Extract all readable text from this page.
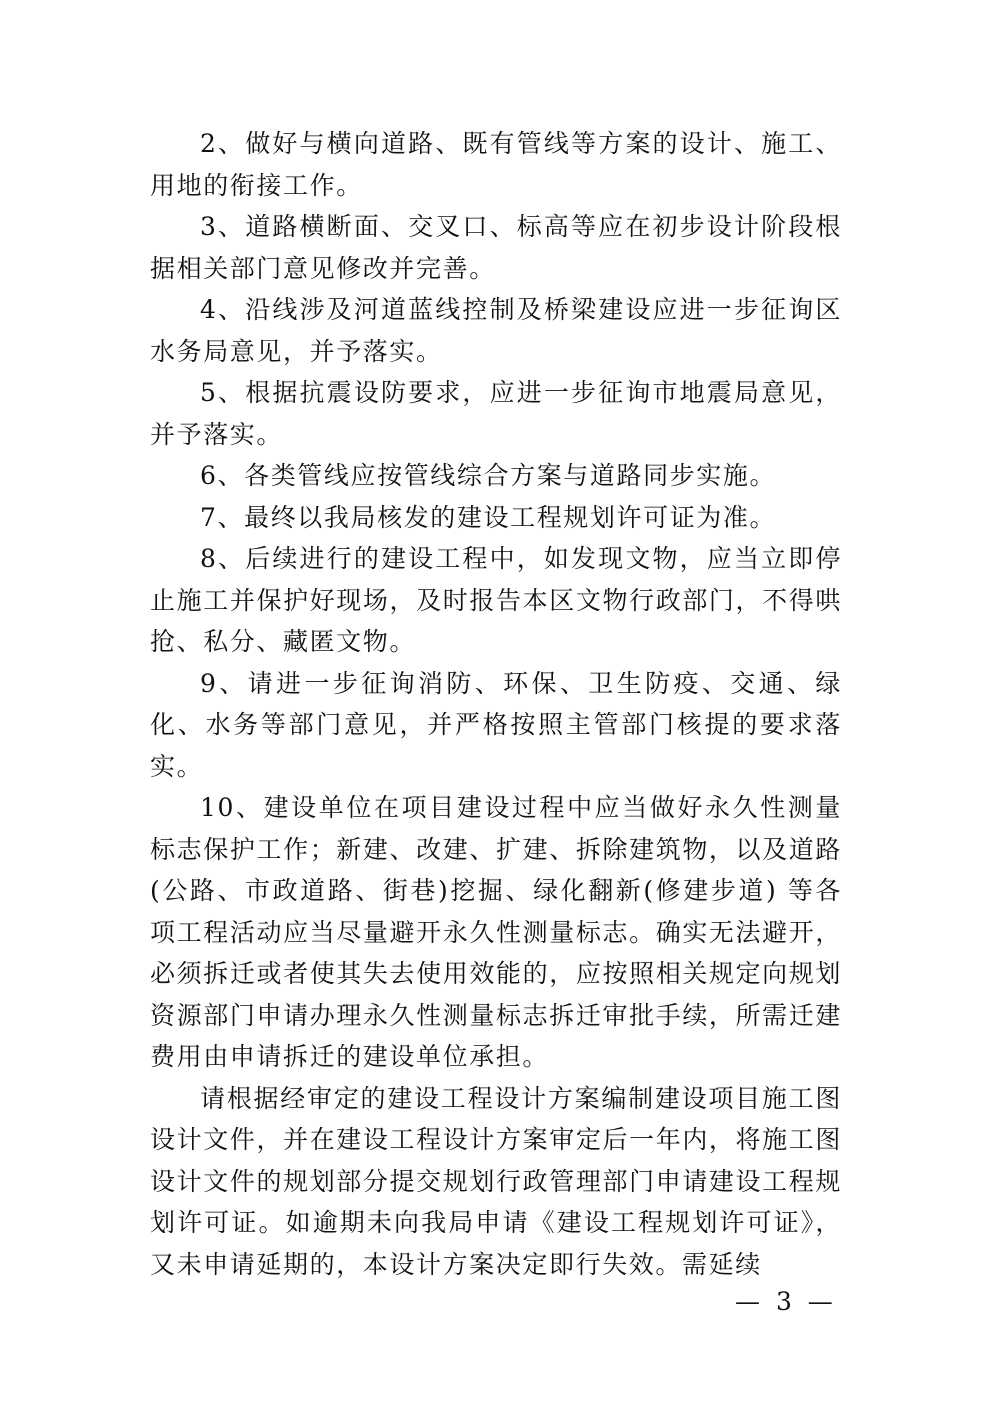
2、做好与横向道路、既有管线等方案的设计、施工、用地的衔接工作。

3、道路横断面、交叉口、标高等应在初步设计阶段根据相关部门意见修改并完善。

4、沿线涉及河道蓝线控制及桥梁建设应进一步征询区水务局意见，并予落实。

5、根据抗震设防要求，应进一步征询市地震局意见，并予落实。

6、各类管线应按管线综合方案与道路同步实施。

7、最终以我局核发的建设工程规划许可证为准。

8、后续进行的建设工程中，如发现文物，应当立即停止施工并保护好现场，及时报告本区文物行政部门，不得哄抢、私分、藏匿文物。

9、请进一步征询消防、环保、卫生防疫、交通、绿化、水务等部门意见，并严格按照主管部门核提的要求落实。

10、建设单位在项目建设过程中应当做好永久性测量标志保护工作；新建、改建、扩建、拆除建筑物，以及道路(公路、市政道路、街巷)挖掘、绿化翻新(修建步道) 等各项工程活动应当尽量避开永久性测量标志。确实无法避开，必须拆迁或者使其失去使用效能的，应按照相关规定向规划资源部门申请办理永久性测量标志拆迁审批手续，所需迁建费用由申请拆迁的建设单位承担。

请根据经审定的建设工程设计方案编制建设项目施工图设计文件，并在建设工程设计方案审定后一年内，将施工图设计文件的规划部分提交规划行政管理部门申请建设工程规划许可证。如逾期未向我局申请《建设工程规划许可证》，又未申请延期的，本设计方案决定即行失效。需延续

— 3 —
